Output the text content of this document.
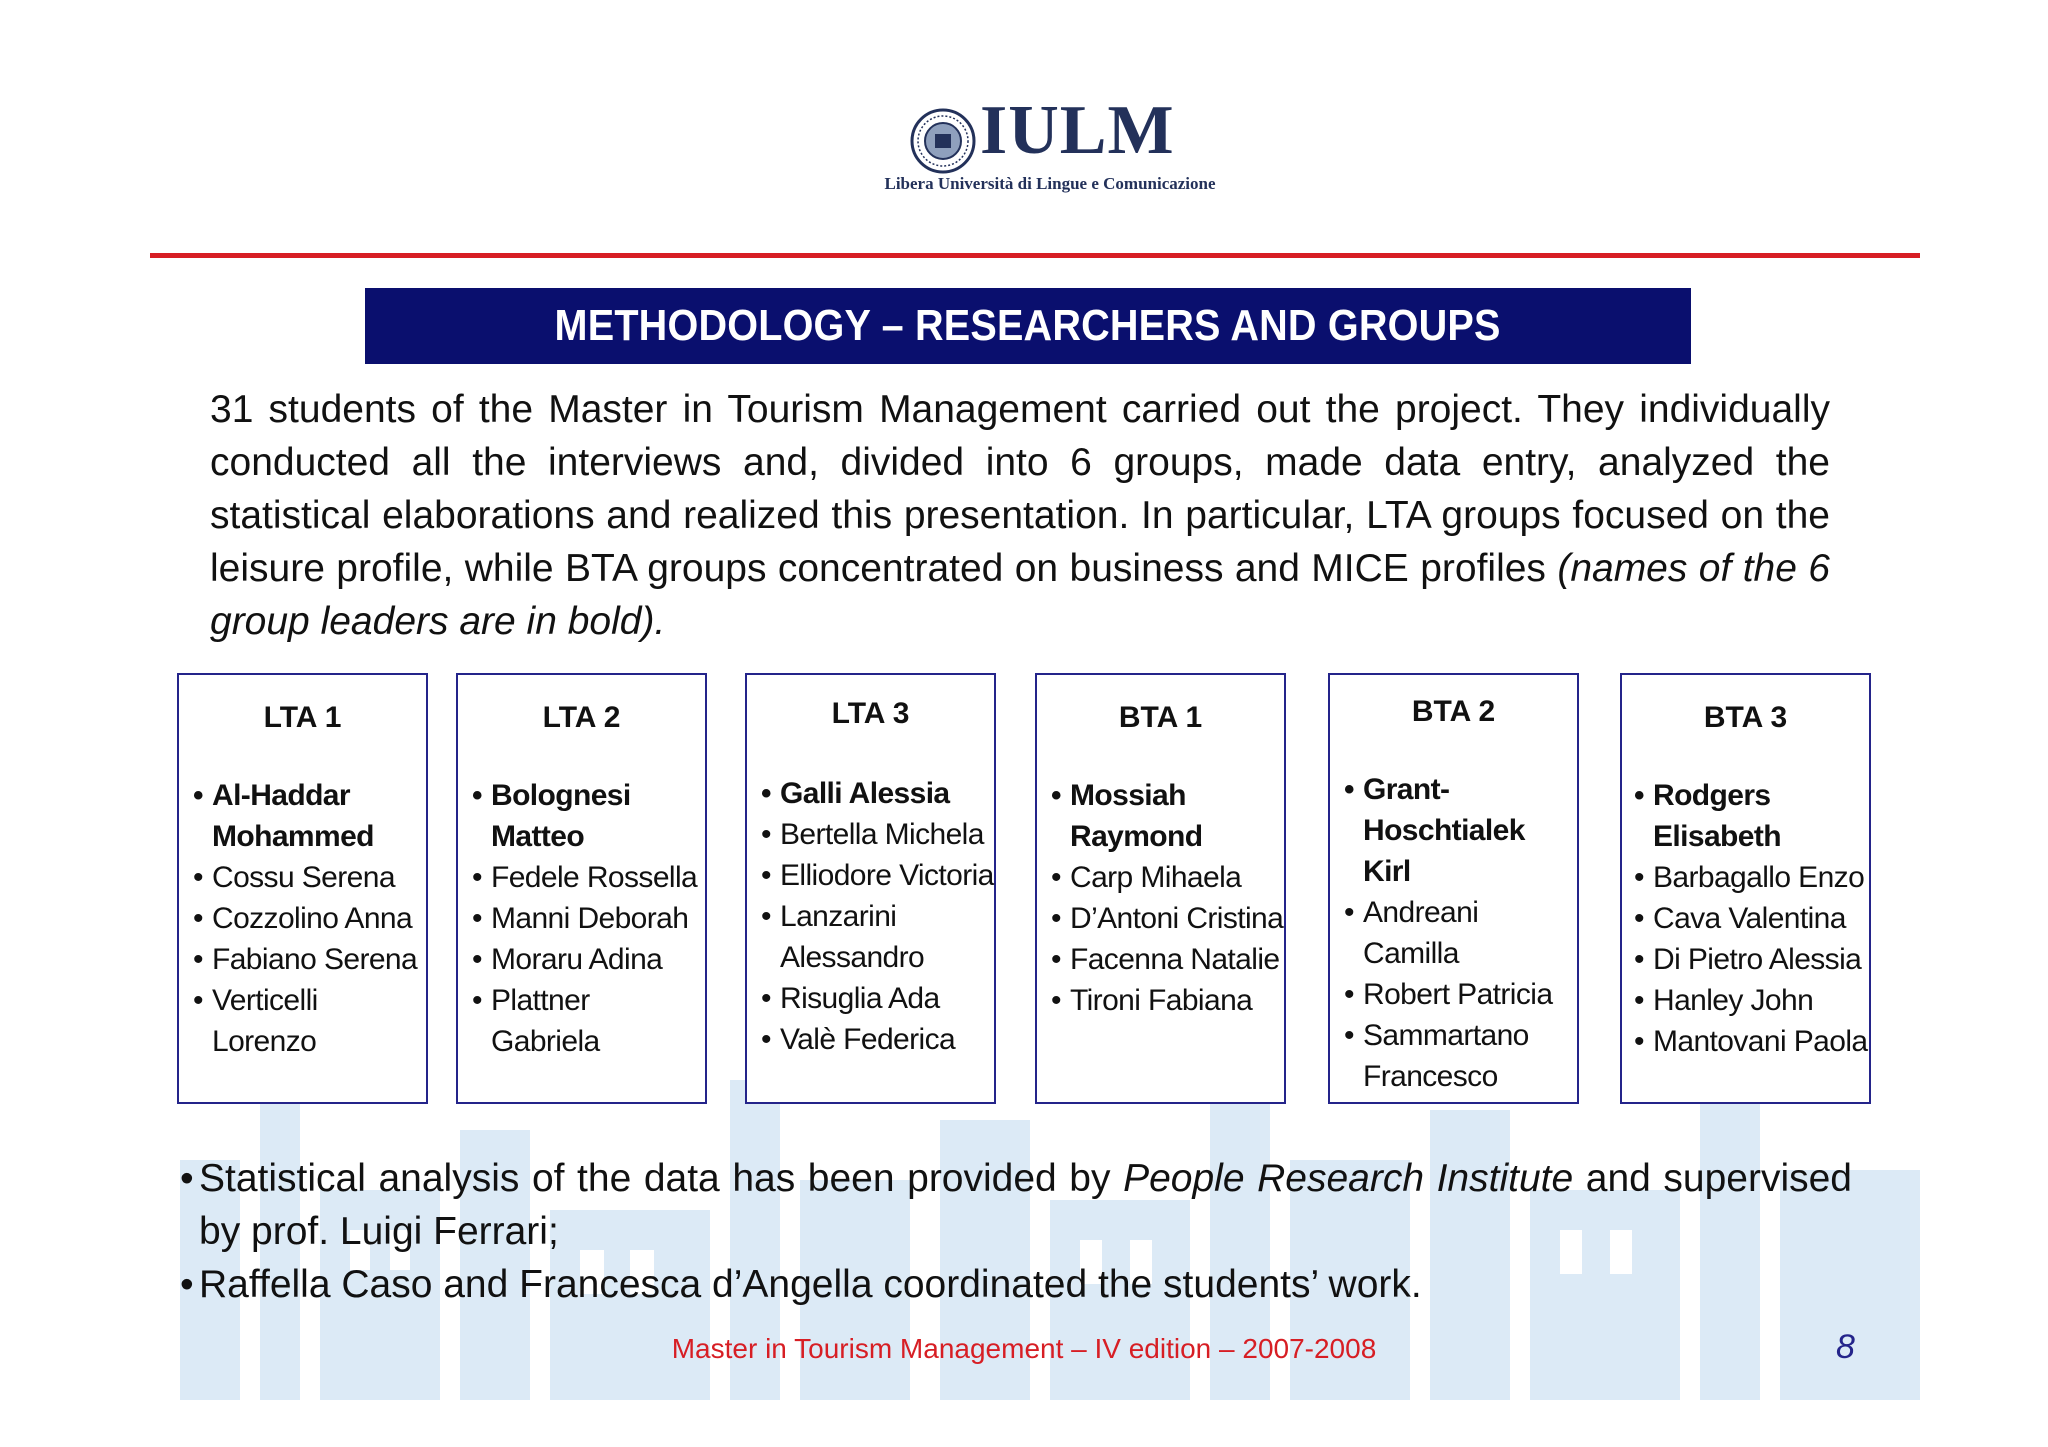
IULM
Libera Università di Lingue e Comunicazione
METHODOLOGY – RESEARCHERS AND GROUPS
31 students of the Master in Tourism Management carried out the project. They individually conducted all the interviews and, divided into 6 groups, made data entry, analyzed the statistical elaborations and realized this presentation. In particular, LTA groups focused on the leisure profile, while BTA groups concentrated on business and MICE profiles (names of the 6 group leaders are in bold).
LTA 1
• Al-Haddar Mohammed
• Cossu Serena
• Cozzolino Anna
• Fabiano Serena
• Verticelli Lorenzo
LTA 2
• Bolognesi Matteo
• Fedele Rossella
• Manni Deborah
• Moraru Adina
• Plattner Gabriela
LTA 3
• Galli Alessia
• Bertella Michela
• Elliodore Victoria
• Lanzarini Alessandro
• Risuglia Ada
• Valè Federica
BTA 1
• Mossiah Raymond
• Carp Mihaela
• D’Antoni Cristina
• Facenna Natalie
• Tironi Fabiana
BTA 2
• Grant-Hoschtialek Kirl
• Andreani Camilla
• Robert Patricia
• Sammartano Francesco
BTA 3
• Rodgers Elisabeth
• Barbagallo Enzo
• Cava Valentina
• Di Pietro Alessia
• Hanley John
• Mantovani Paola
• Statistical analysis of the data has been provided by People Research Institute and supervised by prof. Luigi Ferrari;
• Raffella Caso and Francesca d’Angella coordinated the students’ work.
Master in Tourism Management – IV edition – 2007-2008	8
